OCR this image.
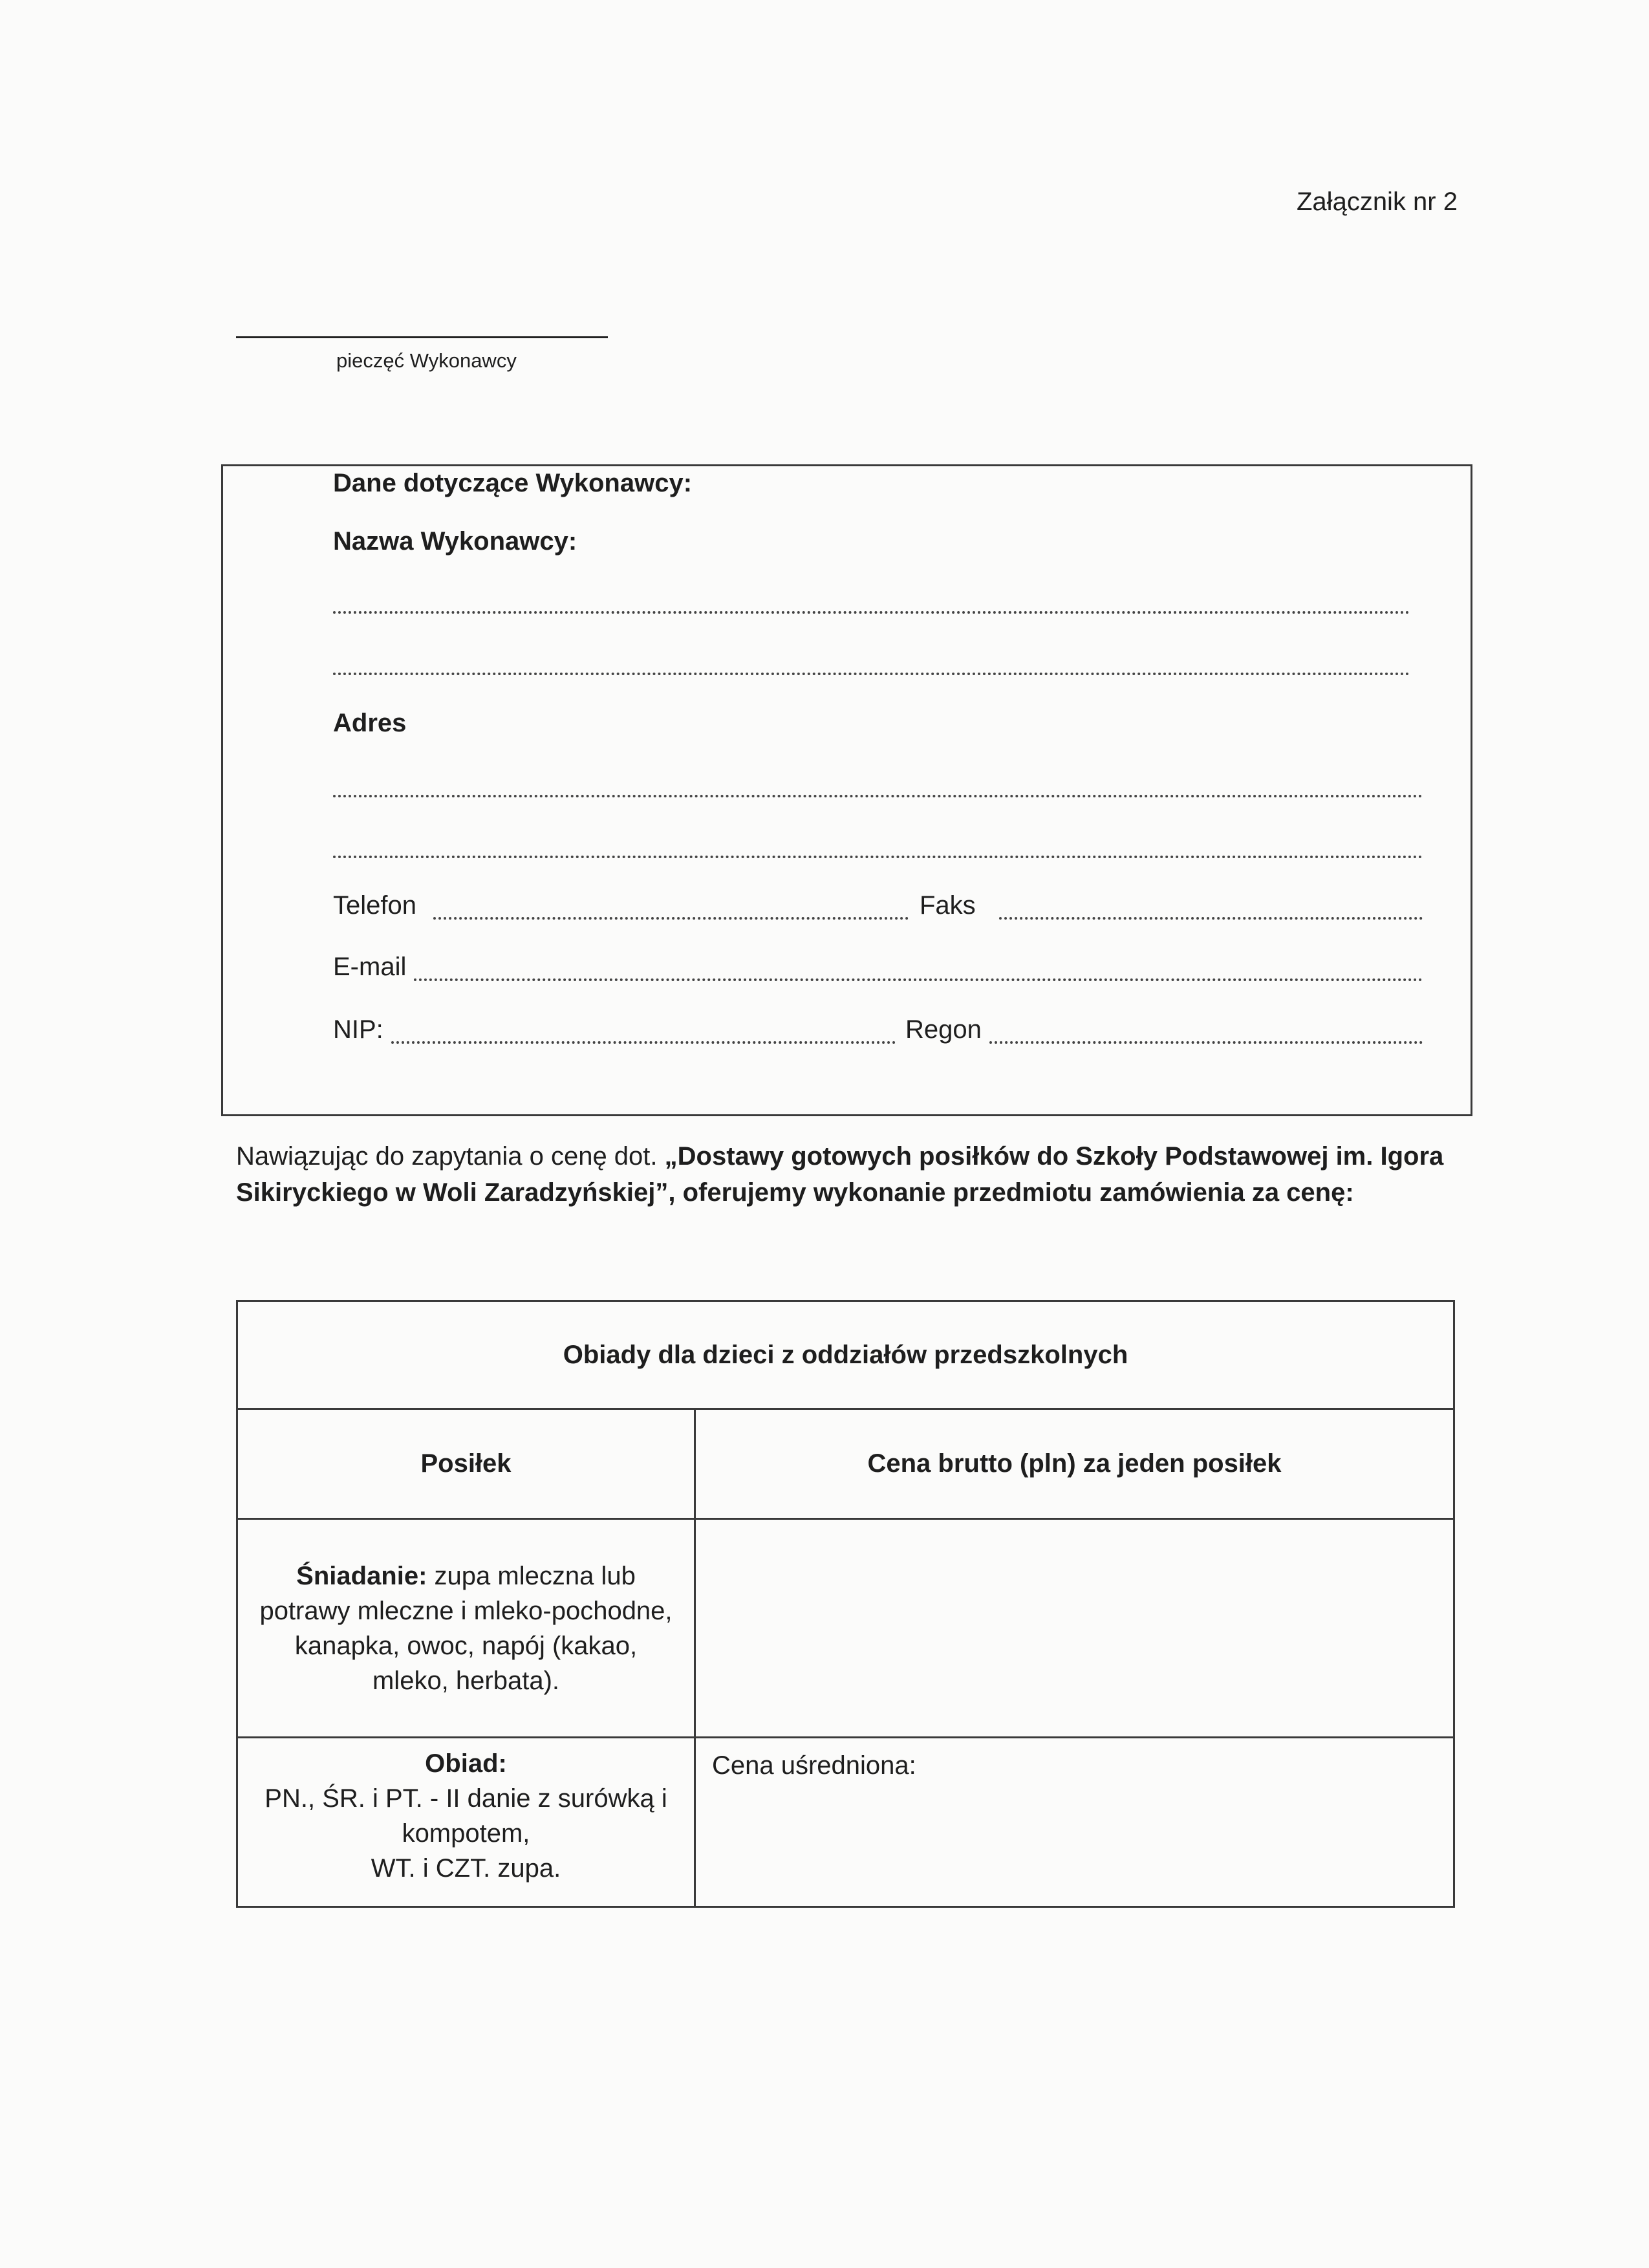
Załącznik nr 2
pieczęć Wykonawcy
Dane dotyczące Wykonawcy:
Nazwa Wykonawcy:
Adres
Telefon	Faks
E-mail
NIP:	Regon
Nawiązując do zapytania o cenę dot. „Dostawy gotowych posiłków do Szkoły Podstawowej im. Igora Sikiryckiego w Woli Zaradzyńskiej”, oferujemy wykonanie przedmiotu zamówienia za cenę:
Obiady dla dzieci z oddziałów przedszkolnych	
Posiłek	Cena brutto (pln) za jeden posiłek
Śniadanie: zupa mleczna lub potrawy mleczne i mleko-pochodne, kanapka, owoc, napój (kakao, mleko, herbata).	

Obiad:
PN., ŚR. i PT. - II danie z surówką i kompotem,
WT. i CZT. zupa.	Cena uśredniona:
